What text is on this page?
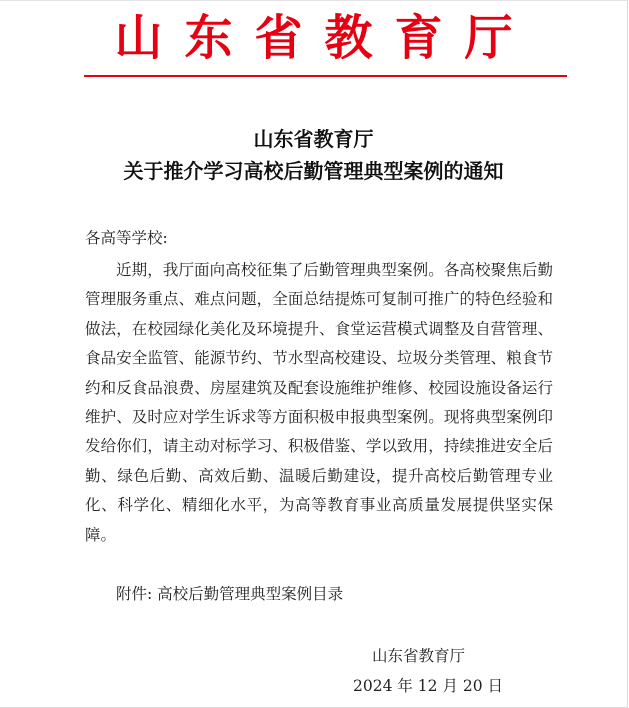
山东省教育厅
山东省教育厅
关于推介学习高校后勤管理典型案例的通知
各高等学校:

近期，我厅面向高校征集了后勤管理典型案例。各高校聚焦后勤管理服务重点、难点问题，全面总结提炼可复制可推广的特色经验和做法，在校园绿化美化及环境提升、食堂运营模式调整及自营管理、食品安全监管、能源节约、节水型高校建设、垃圾分类管理、粮食节约和反食品浪费、房屋建筑及配套设施维护维修、校园设施设备运行维护、及时应对学生诉求等方面积极申报典型案例。现将典型案例印发给你们，请主动对标学习、积极借鉴、学以致用，持续推进安全后勤、绿色后勤、高效后勤、温暖后勤建设，提升高校后勤管理专业化、科学化、精细化水平，为高等教育事业高质量发展提供坚实保障。

附件: 高校后勤管理典型案例目录
山东省教育厅
2024 年 12 月 20 日
